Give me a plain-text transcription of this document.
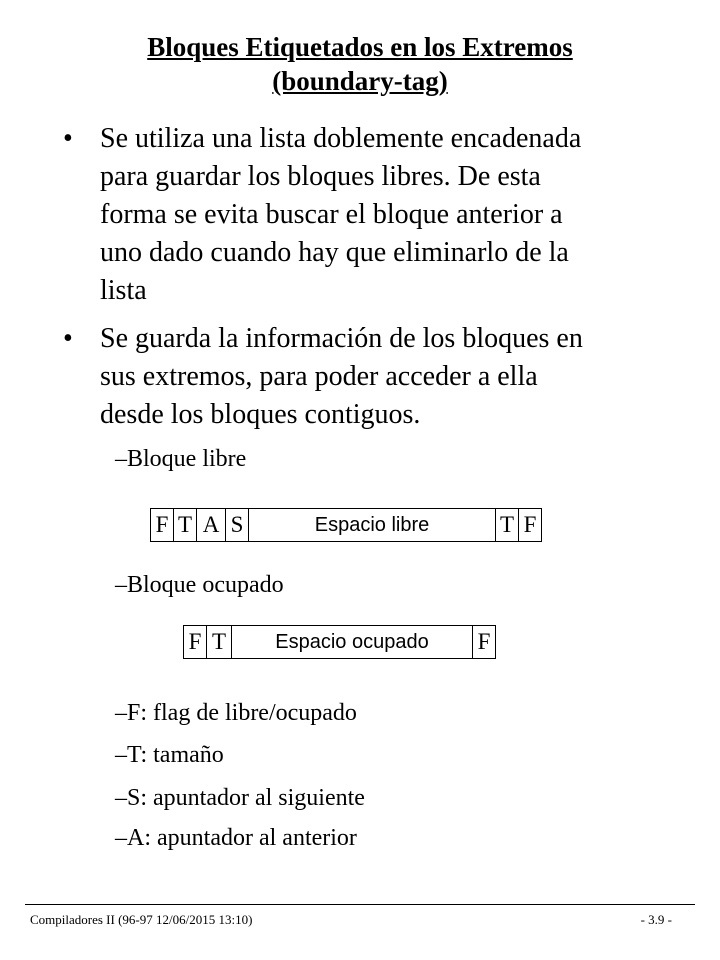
Bloques Etiquetados en los Extremos
(boundary-tag)
• Se utiliza una lista doblemente encadenada
para guardar los bloques libres. De esta
forma se evita buscar el bloque anterior a
uno dado cuando hay que eliminarlo de la
lista
• Se guarda la información de los bloques en
sus extremos, para poder acceder a ella
desde los bloques contiguos.
–Bloque libre
F T A S	Espacio libre	T F
–Bloque ocupado
F T	Espacio ocupado	F
–F: flag de libre/ocupado
–T: tamaño
–S: apuntador al siguiente
–A: apuntador al anterior
Compiladores II (96-97 12/06/2015 13:10)	- 3.9 -
